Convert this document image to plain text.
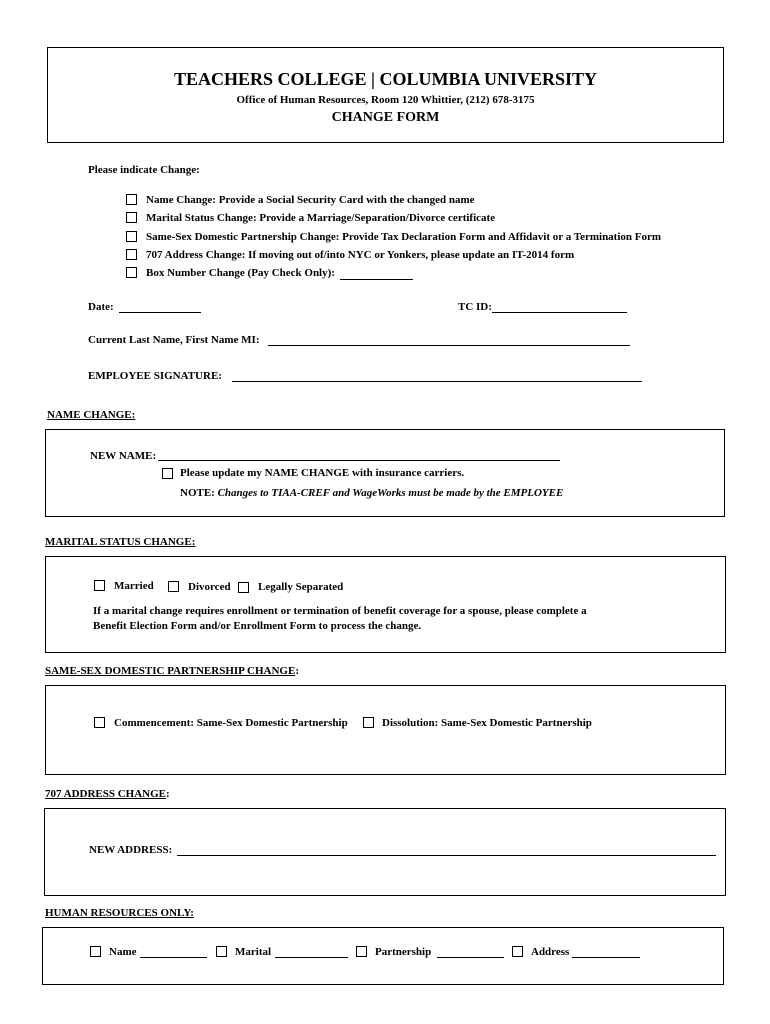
TEACHERS COLLEGE | COLUMBIA UNIVERSITY
Office of Human Resources, Room 120 Whittier, (212) 678-3175
CHANGE FORM
Please indicate Change:
Name Change: Provide a Social Security Card with the changed name
Marital Status Change: Provide a Marriage/Separation/Divorce certificate
Same-Sex Domestic Partnership Change: Provide Tax Declaration Form and Affidavit or a Termination Form
707 Address Change: If moving out of/into NYC or Yonkers, please update an IT-2014 form
Box Number Change (Pay Check Only):
Date:	TC ID:
Current Last Name, First Name MI:
EMPLOYEE SIGNATURE:
NAME CHANGE:
NEW NAME:
Please update my NAME CHANGE with insurance carriers.
NOTE: Changes to TIAA-CREF and WageWorks must be made by the EMPLOYEE
MARITAL STATUS CHANGE:
Married	Divorced Legally Separated
If a marital change requires enrollment or termination of benefit coverage for a spouse, please complete a
Benefit Election Form and/or Enrollment Form to process the change.
SAME-SEX DOMESTIC PARTNERSHIP CHANGE:
Commencement: Same-Sex Domestic Partnership	Dissolution: Same-Sex Domestic Partnership
707 ADDRESS CHANGE:
NEW ADDRESS:
HUMAN RESOURCES ONLY:
Name	Marital	Partnership	Address
